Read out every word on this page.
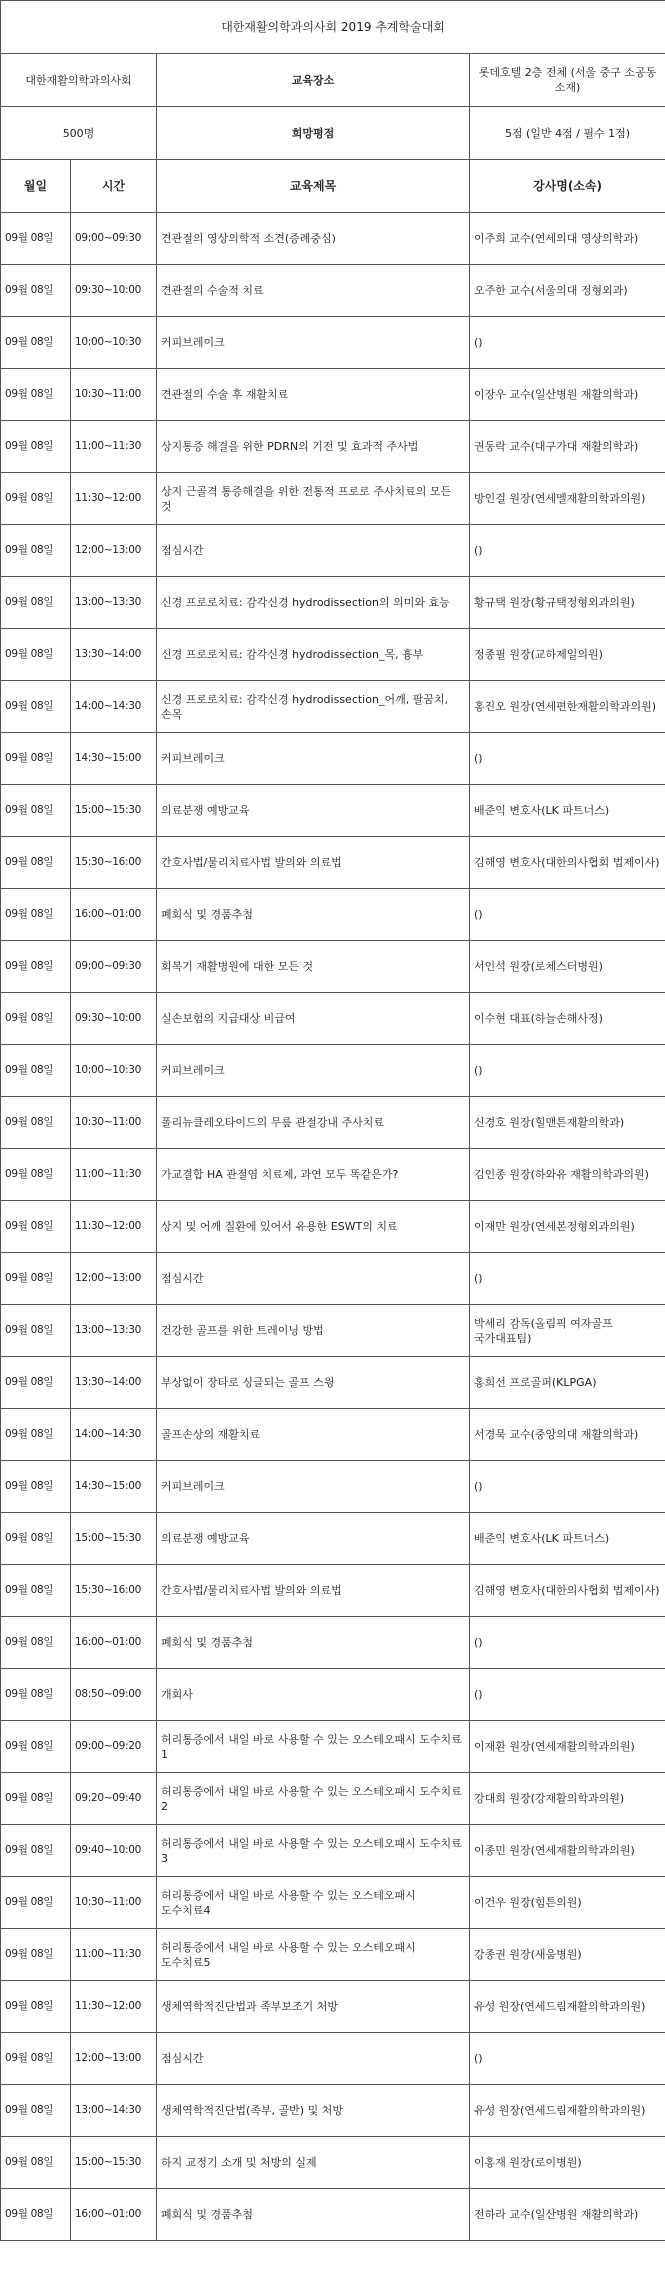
대한재활의학과의사회 2019 추계학술대회			
대한재활의학과의사회		교육장소	롯데호텔 2층 전체 (서울 중구 소공동 소재)
500명		희망평점	5점 (일반 4점 / 필수 1점)
월일	시간	교육제목	강사명(소속)
09월 08일	09:00~09:30	견관절의 영상의학적 소견(증례중심)	이주희 교수(연세의대 영상의학과)
09월 08일	09:30~10:00	견관절의 수술적 치료	오주한 교수(서울의대 정형외과)
09월 08일	10:00~10:30	커피브레이크	()
09월 08일	10:30~11:00	견관절의 수술 후 재활치료	이장우 교수(일산병원 재활의학과)
09월 08일	11:00~11:30	상지통증 해결을 위한 PDRN의 기전 및 효과적 주사법	권동락 교수(대구가대 재활의학과)
09월 08일	11:30~12:00	상지 근골격 통증해결을 위한 전통적 프로로 주사치료의 모든 것	방인걸 원장(연세멜재활의학과의원)
09월 08일	12:00~13:00	점심시간	()
09월 08일	13:00~13:30	신경 프로로치료: 감각신경 hydrodissection의 의미와 효능	황규택 원장(황규택정형외과의원)
09월 08일	13:30~14:00	신경 프로로치료: 감각신경 hydrodissection_목, 흉부	정종필 원장(교하제일의원)
09월 08일	14:00~14:30	신경 프로로치료: 감각신경 hydrodissection_어깨, 팔꿈치, 손목	홍진오 원장(연세편한재활의학과의원)
09월 08일	14:30~15:00	커피브레이크	()
09월 08일	15:00~15:30	의료분쟁 예방교육	배준익 변호사(LK 파트너스)
09월 08일	15:30~16:00	간호사법/물리치료사법 발의와 의료법	김해영 변호사(대한의사협회 법제이사)
09월 08일	16:00~01:00	폐회식 및 경품추첨	()
09월 08일	09:00~09:30	회복기 재활병원에 대한 모든 것	서인석 원장(로체스터병원)
09월 08일	09:30~10:00	실손보험의 지급대상 비급여	이수현 대표(하늘손해사정)
09월 08일	10:00~10:30	커피브레이크	()
09월 08일	10:30~11:00	폴리뉴클레오타이드의 무릎 관절강내 주사치료	신경호 원장(힐맨튼재활의학과)
09월 08일	11:00~11:30	가교결합 HA 관절염 치료제, 과연 모두 똑같은가?	김인종 원장(하와유 재활의학과의원)
09월 08일	11:30~12:00	상지 및 어깨 질환에 있어서 유용한 ESWT의 치료	이재만 원장(연세본정형외과의원)
09월 08일	12:00~13:00	점심시간	()
09월 08일	13:00~13:30	건강한 골프를 위한 트레이닝 방법	박세리 감독(올림픽 여자골프 국가대표팀)
09월 08일	13:30~14:00	부상없이 장타로 싱글되는 골프 스윙	홍희선 프로골퍼(KLPGA)
09월 08일	14:00~14:30	골프손상의 재활치료	서경묵 교수(중앙의대 재활의학과)
09월 08일	14:30~15:00	커피브레이크	()
09월 08일	15:00~15:30	의료분쟁 예방교육	배준익 변호사(LK 파트너스)
09월 08일	15:30~16:00	간호사법/물리치료사법 발의와 의료법	김해영 변호사(대한의사협회 법제이사)
09월 08일	16:00~01:00	폐회식 및 경품추첨	()
09월 08일	08:50~09:00	개회사	()
09월 08일	09:00~09:20	허리통증에서 내일 바로 사용할 수 있는 오스테오패시 도수치료 1	이재환 원장(연세재활의학과의원)
09월 08일	09:20~09:40	허리통증에서 내일 바로 사용할 수 있는 오스테오패시 도수치료 2	강대희 원장(강재활의학과의원)
09월 08일	09:40~10:00	허리통증에서 내일 바로 사용할 수 있는 오스테오패시 도수치료 3	이종민 원장(연세재활의학과의원)
09월 08일	10:30~11:00	허리통증에서 내일 바로 사용할 수 있는 오스테오패시 도수치료4	이건우 원장(힘튼의원)
09월 08일	11:00~11:30	허리통증에서 내일 바로 사용할 수 있는 오스테오패시 도수치료5	강종권 원장(새움병원)
09월 08일	11:30~12:00	생체역학적진단법과 족부보조기 처방	유성 원장(연세드림재활의학과의원)
09월 08일	12:00~13:00	점심시간	()
09월 08일	13:00~14:30	생체역학적진단법(족부, 골반) 및 처방	유성 원장(연세드림재활의학과의원)
09월 08일	15:00~15:30	하지 교정기 소개 및 처방의 실제	이홍재 원장(로이병원)
09월 08일	16:00~01:00	폐회식 및 경품추첨	전하라 교수(일산병원 재활의학과)
